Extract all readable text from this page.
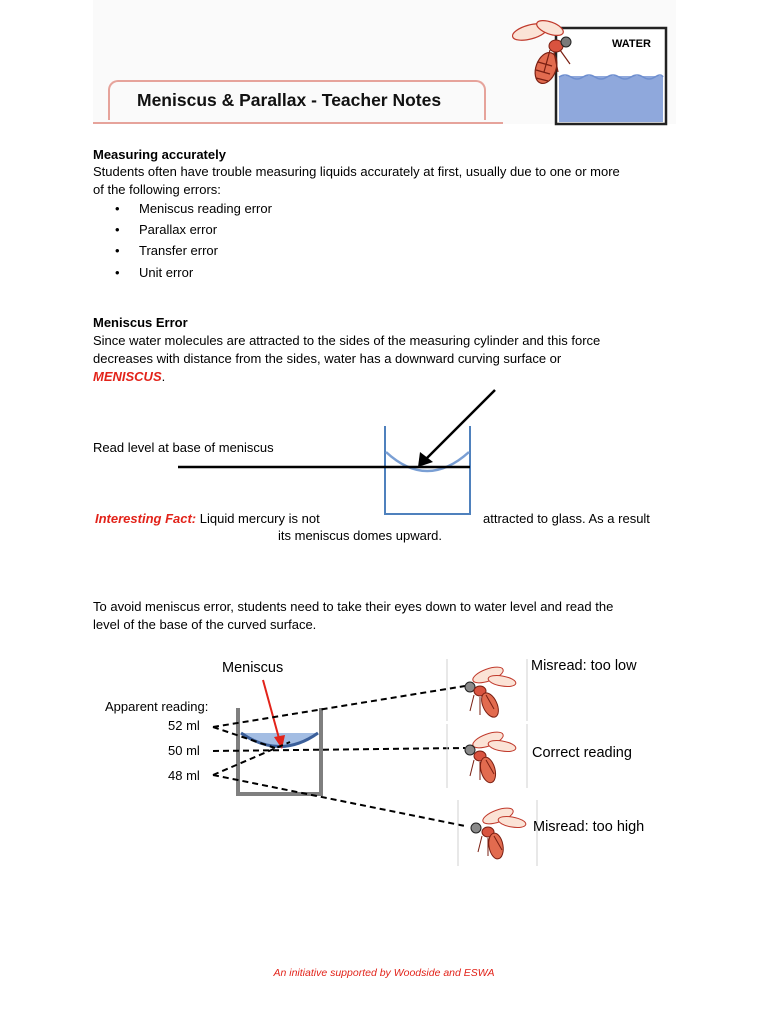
Meniscus & Parallax - Teacher Notes
WATER
Measuring accurately
Students often have trouble measuring liquids accurately at first, usually due to one or more
of the following errors:
• Meniscus reading error
• Parallax error
• Transfer error
• Unit error
Meniscus Error
Since water molecules are attracted to the sides of the measuring cylinder and this force
decreases with distance from the sides, water has a downward curving surface or
MENISCUS.
Read level at base of meniscus
Interesting Fact: Liquid mercury is not	attracted to glass. As a result
its meniscus domes upward.
To avoid meniscus error, students need to take their eyes down to water level and read the
level of the base of the curved surface.
Meniscus
Apparent reading:
52 ml
50 ml
48 ml
Misread: too low
Correct reading
Misread: too high
An initiative supported by Woodside and ESWA
